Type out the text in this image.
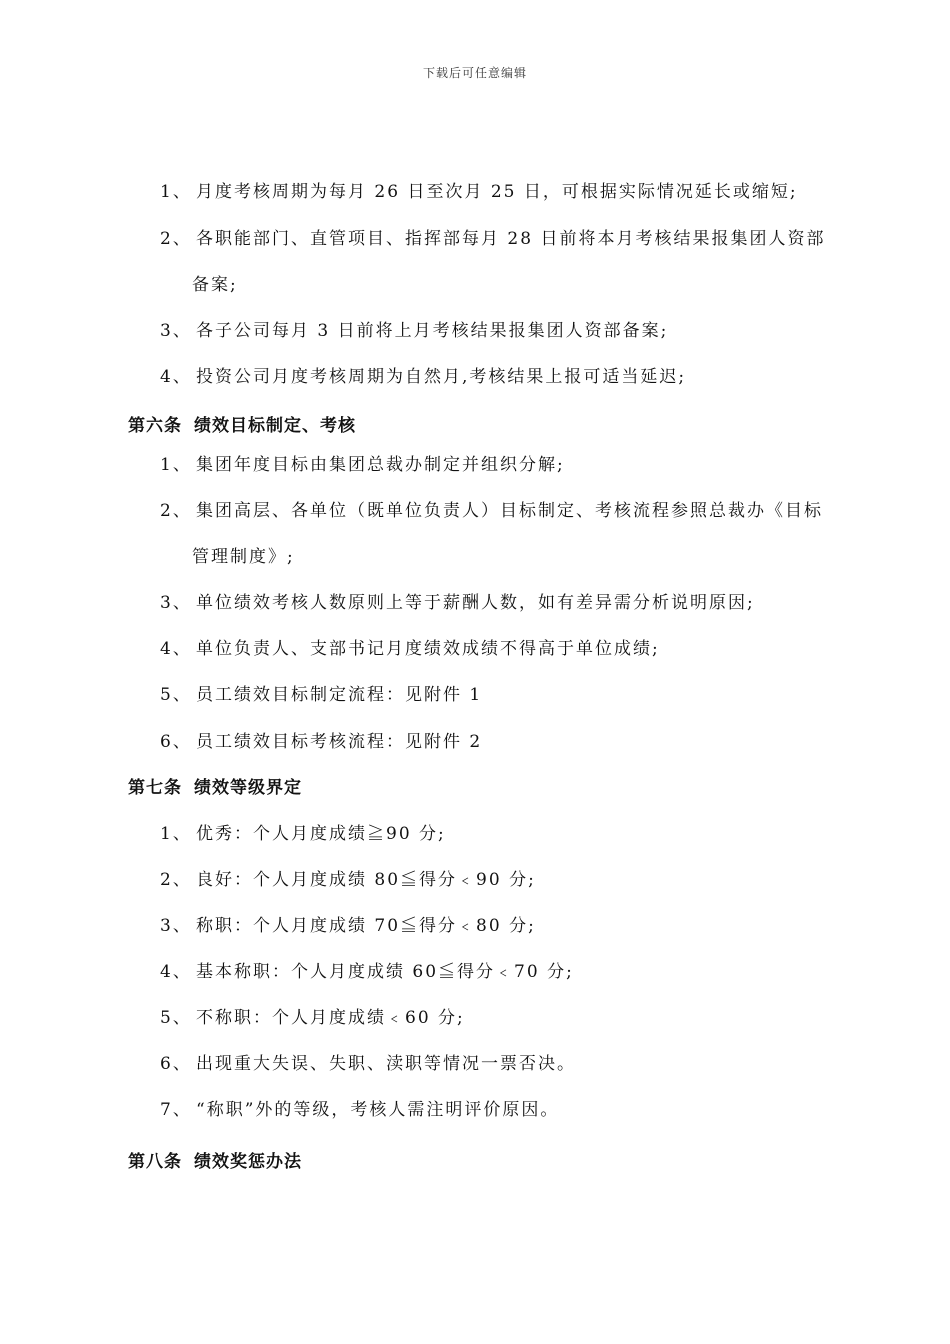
下载后可任意编辑
1、 月度考核周期为每月 26 日至次月 25 日，可根据实际情况延长或缩短;
2、 各职能部门、直管项目、指挥部每月 28 日前将本月考核结果报集团人资部
备案;
3、 各子公司每月 3 日前将上月考核结果报集团人资部备案;
4、 投资公司月度考核周期为自然月,考核结果上报可适当延迟;
第六条 绩效目标制定、考核
1、 集团年度目标由集团总裁办制定并组织分解;
2、 集团高层、各单位（既单位负责人）目标制定、考核流程参照总裁办《目标
管理制度》;
3、 单位绩效考核人数原则上等于薪酬人数，如有差异需分析说明原因;
4、 单位负责人、支部书记月度绩效成绩不得高于单位成绩;
5、 员工绩效目标制定流程：见附件 1
6、 员工绩效目标考核流程：见附件 2
第七条 绩效等级界定
1、 优秀：个人月度成绩≧90 分;
2、 良好：个人月度成绩 80≦得分﹤90 分;
3、 称职：个人月度成绩 70≦得分﹤80 分;
4、 基本称职：个人月度成绩 60≦得分﹤70 分;
5、 不称职：个人月度成绩﹤60 分;
6、 出现重大失误、失职、渎职等情况一票否决。
7、 “称职”外的等级，考核人需注明评价原因。
第八条 绩效奖惩办法
